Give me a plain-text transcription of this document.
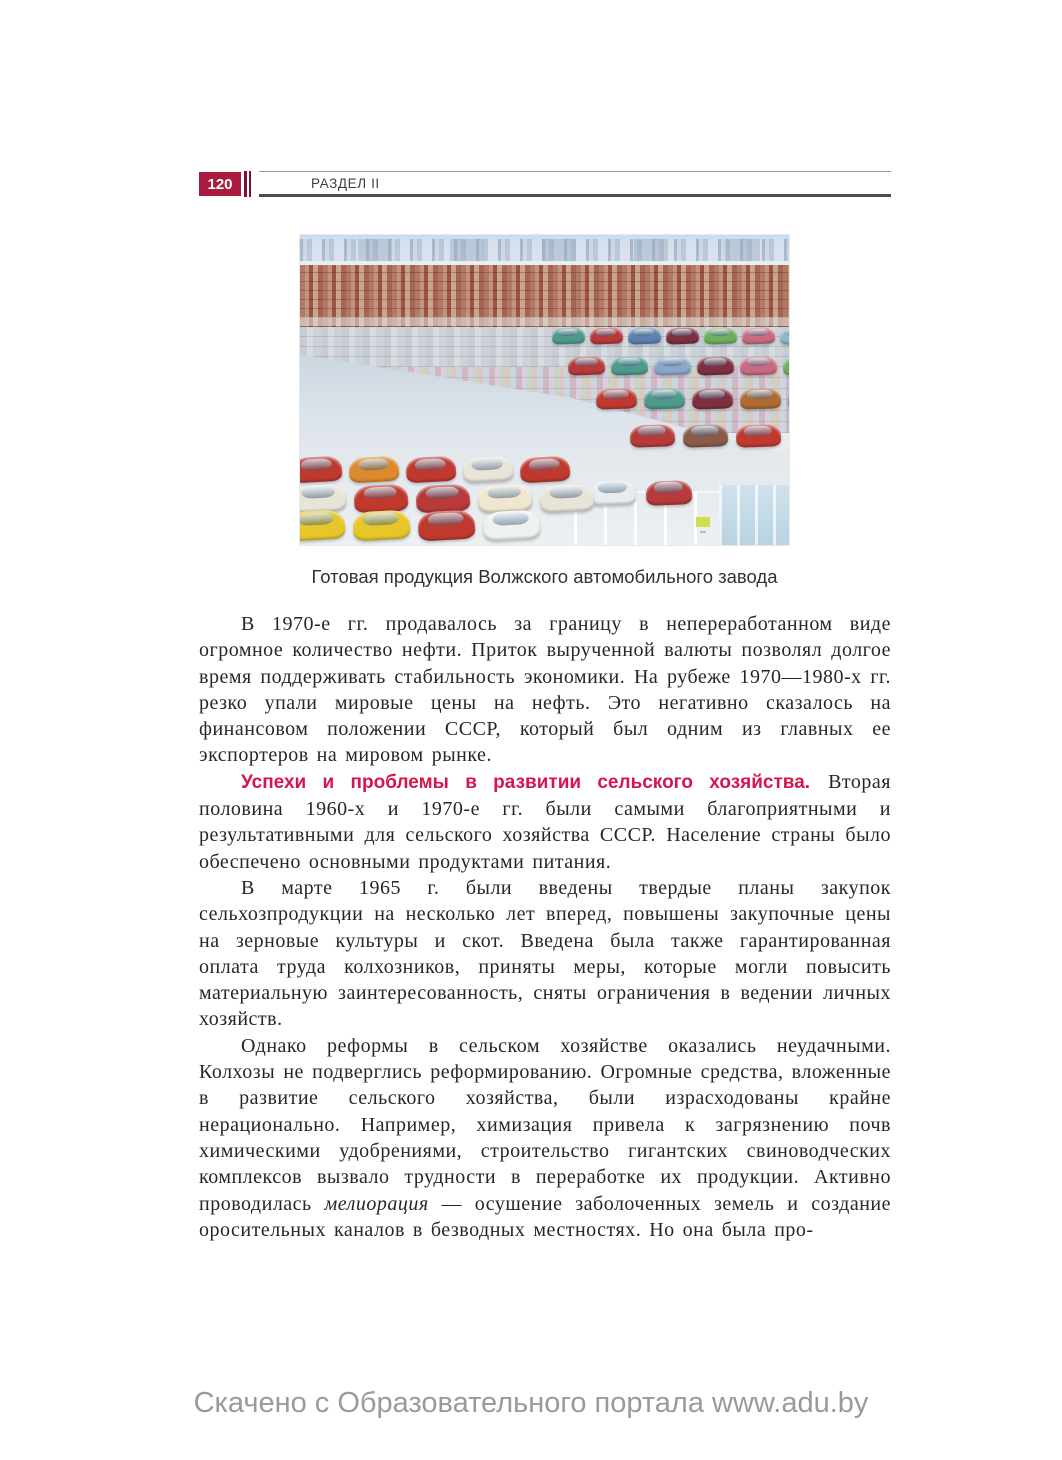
120	РАЗДЕЛ II
Готовая продукция Волжского автомобильного завода

В 1970-е гг. продавалось за границу в непереработанном виде огромное количество нефти. Приток вырученной валюты позволял долгое время поддерживать стабильность экономики. На рубеже 1970—1980-х гг. резко упали мировые цены на нефть. Это негативно сказалось на финансовом положении СССР, который был одним из главных ее экспортеров на мировом рынке.

Успехи и проблемы в развитии сельского хозяйства. Вторая половина 1960-х и 1970-е гг. были самыми благоприятными и результативными для сельского хозяйства СССР. Население страны было обеспечено основными продуктами питания.

В марте 1965 г. были введены твердые планы закупок сельхозпродукции на несколько лет вперед, повышены закупочные цены на зерновые культуры и скот. Введена была также гарантированная оплата труда колхозников, приняты меры, которые могли повысить материальную заинтересованность, сняты ограничения в ведении личных хозяйств.

Однако реформы в сельском хозяйстве оказались неудачными. Колхозы не подверглись реформированию. Огромные средства, вложенные в развитие сельского хозяйства, были израсходованы крайне нерационально. Например, химизация привела к загрязнению почв химическими удобрениями, строительство гигантских свиноводческих комплексов вызвало трудности в переработке их продукции. Активно проводилась мелиорация — осушение заболоченных земель и создание оросительных каналов в безводных местностях. Но она была про-

Скачено с Образовательного портала www.adu.by
